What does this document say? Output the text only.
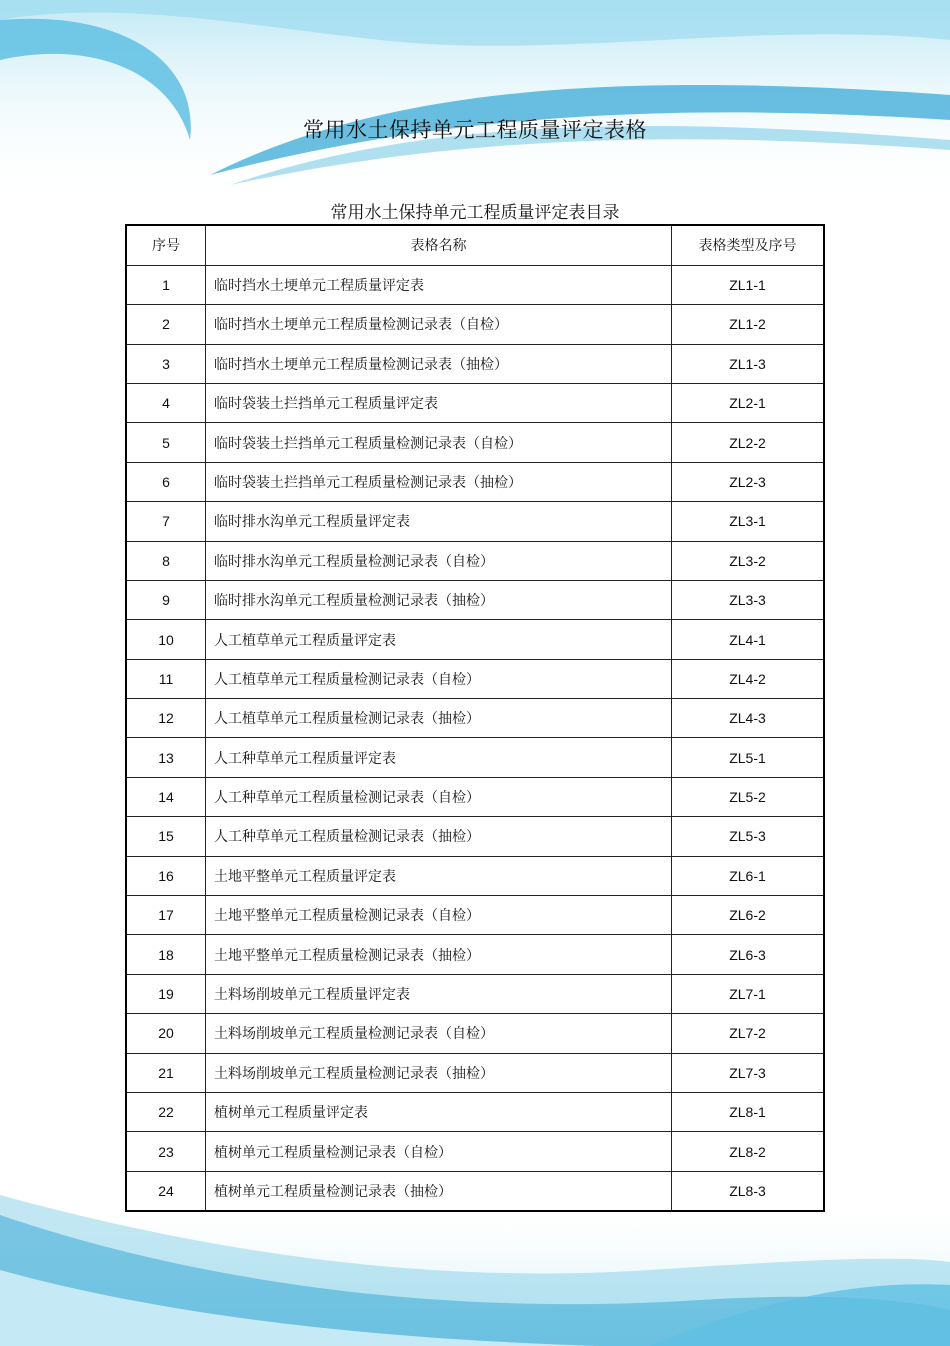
常用水土保持单元工程质量评定表格
常用水土保持单元工程质量评定表目录
序号	表格名称	表格类型及序号
1	临时挡水土埂单元工程质量评定表	ZL1-1
2	临时挡水土埂单元工程质量检测记录表（自检）	ZL1-2
3	临时挡水土埂单元工程质量检测记录表（抽检）	ZL1-3
4	临时袋装土拦挡单元工程质量评定表	ZL2-1
5	临时袋装土拦挡单元工程质量检测记录表（自检）	ZL2-2
6	临时袋装土拦挡单元工程质量检测记录表（抽检）	ZL2-3
7	临时排水沟单元工程质量评定表	ZL3-1
8	临时排水沟单元工程质量检测记录表（自检）	ZL3-2
9	临时排水沟单元工程质量检测记录表（抽检）	ZL3-3
10	人工植草单元工程质量评定表	ZL4-1
11	人工植草单元工程质量检测记录表（自检）	ZL4-2
12	人工植草单元工程质量检测记录表（抽检）	ZL4-3
13	人工种草单元工程质量评定表	ZL5-1
14	人工种草单元工程质量检测记录表（自检）	ZL5-2
15	人工种草单元工程质量检测记录表（抽检）	ZL5-3
16	土地平整单元工程质量评定表	ZL6-1
17	土地平整单元工程质量检测记录表（自检）	ZL6-2
18	土地平整单元工程质量检测记录表（抽检）	ZL6-3
19	土料场削坡单元工程质量评定表	ZL7-1
20	土料场削坡单元工程质量检测记录表（自检）	ZL7-2
21	土料场削坡单元工程质量检测记录表（抽检）	ZL7-3
22	植树单元工程质量评定表	ZL8-1
23	植树单元工程质量检测记录表（自检）	ZL8-2
24	植树单元工程质量检测记录表（抽检）	ZL8-3
